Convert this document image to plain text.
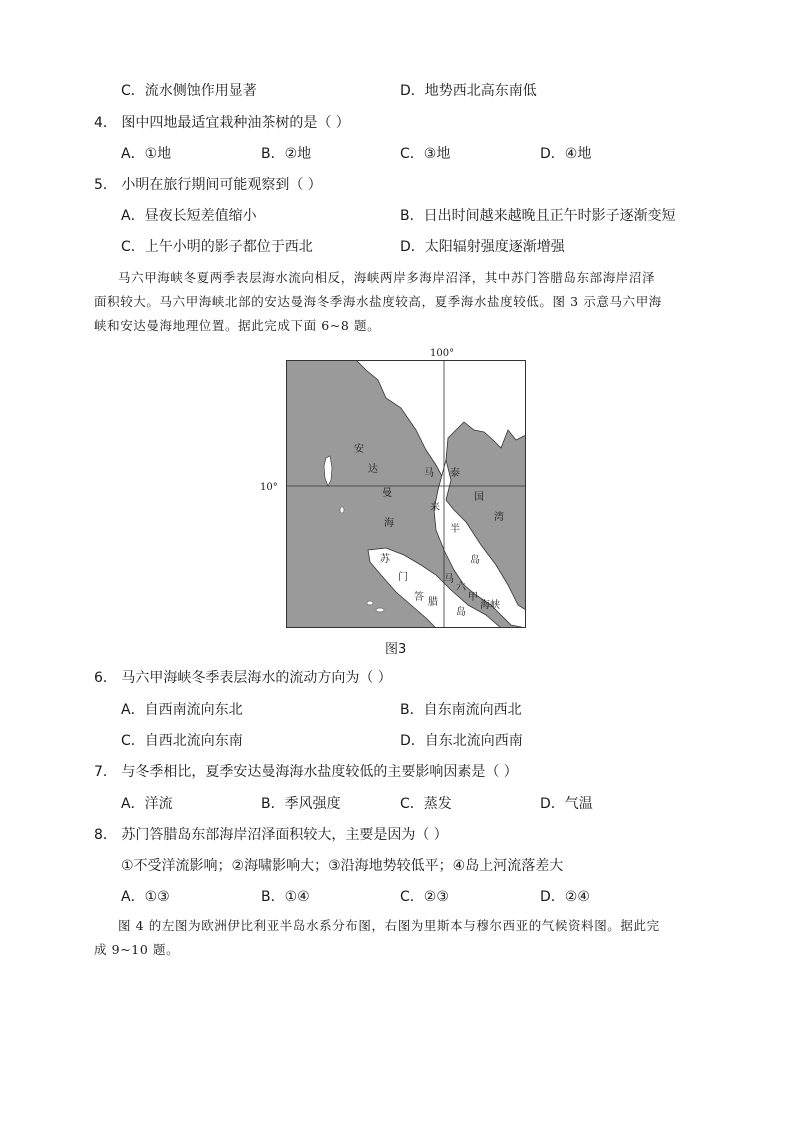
C．流水侧蚀作用显著	D．地势西北高东南低
4． 图中四地最适宜栽种油茶树的是（ ）
A．①地	B．②地	C．③地	D．④地
5． 小明在旅行期间可能观察到（ ）
A．昼夜长短差值缩小	B．日出时间越来越晚且正午时影子逐渐变短
C．上午小明的影子都位于西北	D．太阳辐射强度逐渐增强
马六甲海峡冬夏两季表层海水流向相反，海峡两岸多海岸沼泽，其中苏门答腊岛东部海岸沼泽
面积较大。马六甲海峡北部的安达曼海冬季海水盐度较高，夏季海水盐度较低。图 3 示意马六甲海
峡和安达曼海地理位置。据此完成下面 6~8 题。
安
达
曼
海
马
来
半
岛
泰
国
湾
苏
门
答 腊
岛
马
六
甲
海峡
100°
10°
图3
6． 马六甲海峡冬季表层海水的流动方向为（ ）
A．自西南流向东北	B．自东南流向西北
C．自西北流向东南	D．自东北流向西南
7． 与冬季相比，夏季安达曼海海水盐度较低的主要影响因素是（ ）
A．洋流	B．季风强度	C．蒸发	D．气温
8． 苏门答腊岛东部海岸沼泽面积较大，主要是因为（ ）
①不受洋流影响；②海啸影响大；③沿海地势较低平；④岛上河流落差大
A．①③	B．①④	C．②③	D．②④
图 4 的左图为欧洲伊比利亚半岛水系分布图，右图为里斯本与穆尔西亚的气候资料图。据此完
成 9~10 题。
